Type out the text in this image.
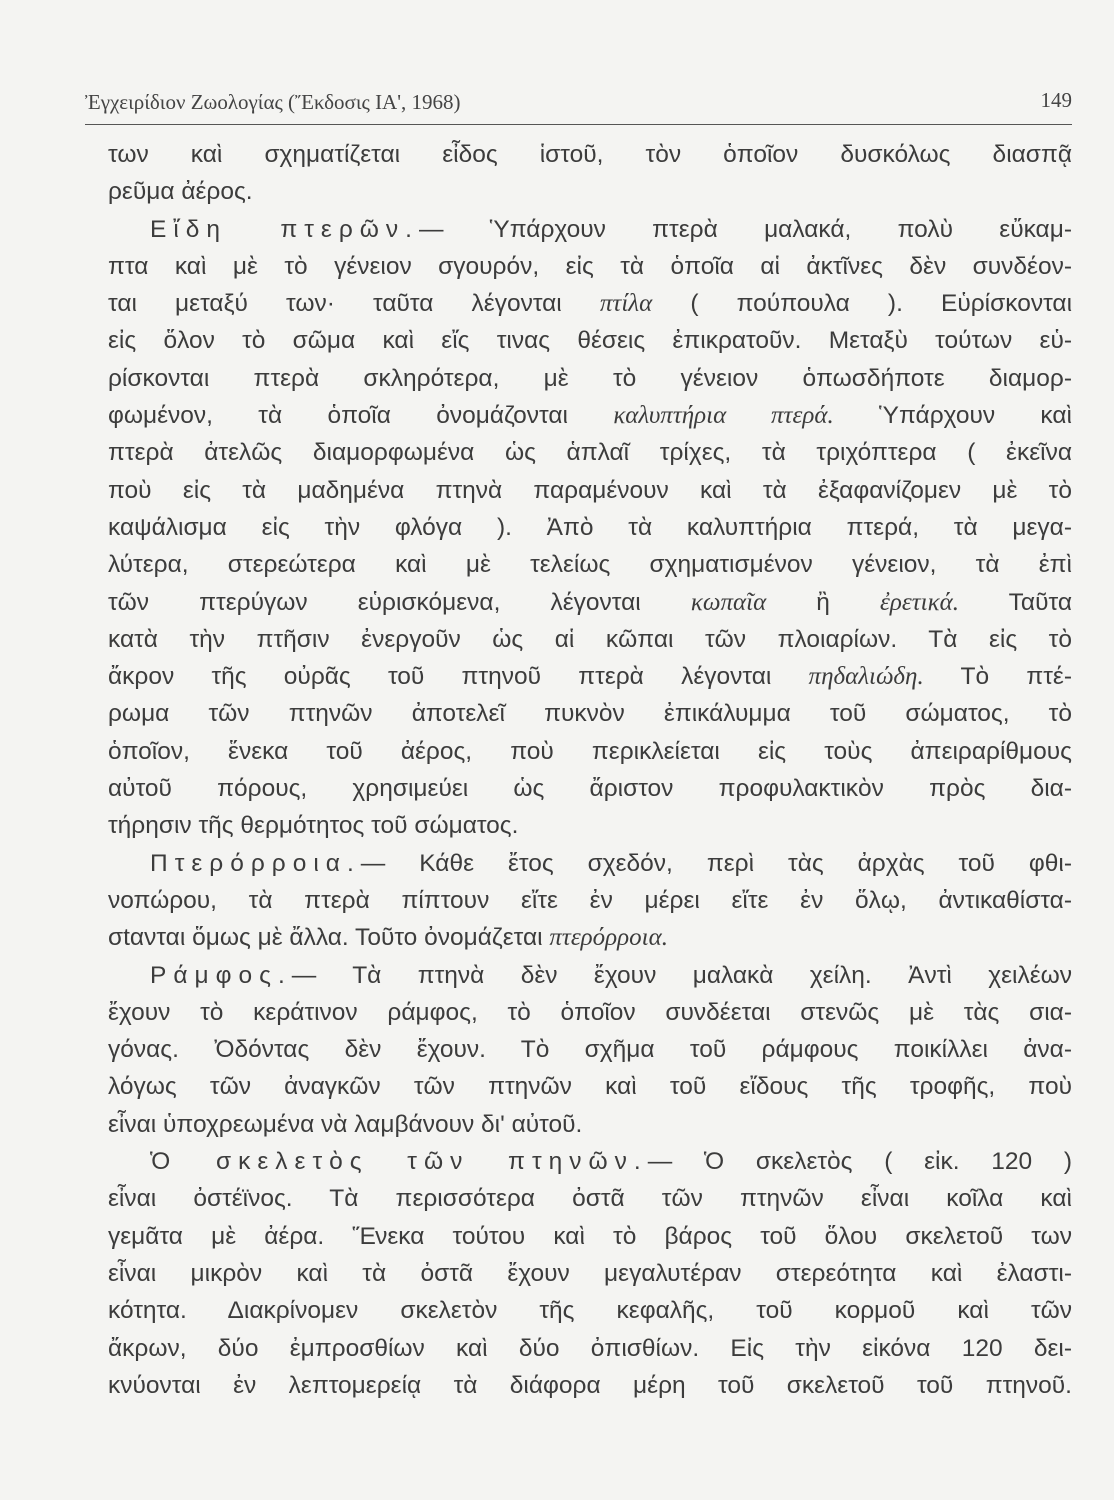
Ἐγχειρίδιον Ζωολογίας (Ἔκδοσις ΙΑ', 1968)	149
των καὶ σχηματίζεται εἶδος ἱστοῦ, τὸν ὁποῖον δυσκόλως διασπᾷ
ρεῦμα ἀέρος.
Εἴδη πτερῶν.— Ὑπάρχουν πτερὰ μαλακά, πολὺ εὔκαμ-
πτα καὶ μὲ τὸ γένειον σγουρόν, εἰς τὰ ὁποῖα αἱ ἀκτῖνες δὲν συνδέον-
ται μεταξύ των· ταῦτα λέγονται πτίλα ( πούπουλα ). Εὑρίσκονται
εἰς ὅλον τὸ σῶμα καὶ εἴς τινας θέσεις ἐπικρατοῦν. Μεταξὺ τούτων εὑ-
ρίσκονται πτερὰ σκληρότερα, μὲ τὸ γένειον ὁπωσδήποτε διαμορ-
φωμένον, τὰ ὁποῖα ὀνομάζονται καλυπτήρια πτερά. Ὑπάρχουν καὶ
πτερὰ ἀτελῶς διαμορφωμένα ὡς ἁπλαῖ τρίχες, τὰ τριχόπτερα ( ἐκεῖνα
ποὺ εἰς τὰ μαδημένα πτηνὰ παραμένουν καὶ τὰ ἐξαφανίζομεν μὲ τὸ
καψάλισμα εἰς τὴν φλόγα ). Ἀπὸ τὰ καλυπτήρια πτερά, τὰ μεγα-
λύτερα, στερεώτερα καὶ μὲ τελείως σχηματισμένον γένειον, τὰ ἐπὶ
τῶν πτερύγων εὑρισκόμενα, λέγονται κωπαῖα ἢ ἐρετικά. Ταῦτα
κατὰ τὴν πτῆσιν ἐνεργοῦν ὡς αἱ κῶπαι τῶν πλοιαρίων. Τὰ εἰς τὸ
ἄκρον τῆς οὐρᾶς τοῦ πτηνοῦ πτερὰ λέγονται πηδαλιώδη. Τὸ πτέ-
ρωμα τῶν πτηνῶν ἀποτελεῖ πυκνὸν ἐπικάλυμμα τοῦ σώματος, τὸ
ὁποῖον, ἕνεκα τοῦ ἀέρος, ποὺ περικλείεται εἰς τοὺς ἀπειραρίθμους
αὐτοῦ πόρους, χρησιμεύει ὡς ἄριστον προφυλακτικὸν πρὸς δια-
τήρησιν τῆς θερμότητος τοῦ σώματος.
Πτερόρροια.— Κάθε ἔτος σχεδόν, περὶ τὰς ἀρχὰς τοῦ φθι-
νοπώρου, τὰ πτερὰ πίπτουν εἴτε ἐν μέρει εἴτε ἐν ὅλῳ, ἀντικαθίστα-
σtανται ὅμως μὲ ἄλλα. Τοῦτο ὀνομάζεται πτερόρροια.
Ράμφος.— Τὰ πτηνὰ δὲν ἔχουν μαλακὰ χείλη. Ἀντὶ χειλέων
ἔχουν τὸ κεράτινον ράμφος, τὸ ὁποῖον συνδέεται στενῶς μὲ τὰς σια-
γόνας. Ὀδόντας δὲν ἔχουν. Τὸ σχῆμα τοῦ ράμφους ποικίλλει ἀνα-
λόγως τῶν ἀναγκῶν τῶν πτηνῶν καὶ τοῦ εἴδους τῆς τροφῆς, ποὺ
εἶναι ὑποχρεωμένα νὰ λαμβάνουν δι' αὐτοῦ.
Ὁ σκελετὸς τῶν πτηνῶν.— Ὁ σκελετὸς ( εἰκ. 120 )
εἶναι ὀστέϊνος. Τὰ περισσότερα ὀστᾶ τῶν πτηνῶν εἶναι κοῖλα καὶ
γεμᾶτα μὲ ἀέρα. Ἕνεκα τούτου καὶ τὸ βάρος τοῦ ὅλου σκελετοῦ των
εἶναι μικρὸν καὶ τὰ ὀστᾶ ἔχουν μεγαλυτέραν στερεότητα καὶ ἐλαστι-
κότητα. Διακρίνομεν σκελετὸν τῆς κεφαλῆς, τοῦ κορμοῦ καὶ τῶν
ἄκρων, δύο ἐμπροσθίων καὶ δύο ὀπισθίων. Εἰς τὴν εἰκόνα 120 δει-
κνύονται ἐν λεπτομερείᾳ τὰ διάφορα μέρη τοῦ σκελετοῦ τοῦ πτηνοῦ.
